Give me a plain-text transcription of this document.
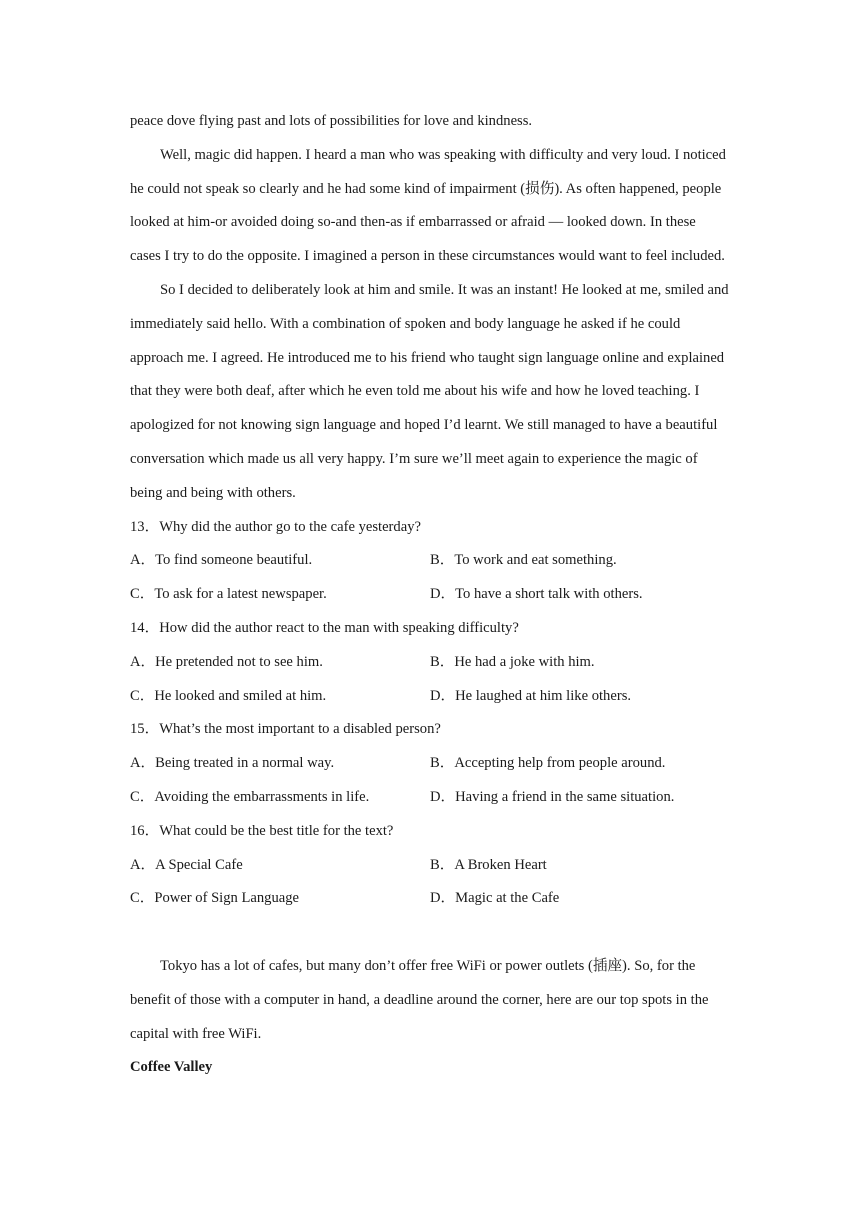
peace dove flying past and lots of possibilities for love and kindness.

Well, magic did happen. I heard a man who was speaking with difficulty and very loud. I noticed he could not speak so clearly and he had some kind of impairment (损伤). As often happened, people looked at him-or avoided doing so-and then-as if embarrassed or afraid — looked down. In these cases I try to do the opposite. I imagined a person in these circumstances would want to feel included.

So I decided to deliberately look at him and smile. It was an instant! He looked at me, smiled and immediately said hello. With a combination of spoken and body language he asked if he could approach me. I agreed. He introduced me to his friend who taught sign language online and explained that they were both deaf, after which he even told me about his wife and how he loved teaching. I apologized for not knowing sign language and hoped I’d learnt. We still managed to have a beautiful conversation which made us all very happy. I’m sure we’ll meet again to experience the magic of being and being with others.

13．Why did the author go to the cafe yesterday?
A．To find someone beautiful.	B．To work and eat something.
C．To ask for a latest newspaper.	D．To have a short talk with others.
14．How did the author react to the man with speaking difficulty?
A．He pretended not to see him.	B．He had a joke with him.
C．He looked and smiled at him.	D．He laughed at him like others.
15．What’s the most important to a disabled person?
A．Being treated in a normal way.	B．Accepting help from people around.
C．Avoiding the embarrassments in life.	D．Having a friend in the same situation.
16．What could be the best title for the text?
A．A Special Cafe	B．A Broken Heart
C．Power of Sign Language	D．Magic at the Cafe

Tokyo has a lot of cafes, but many don’t offer free WiFi or power outlets (插座). So, for the benefit of those with a computer in hand, a deadline around the corner, here are our top spots in the capital with free WiFi.

Coffee Valley
